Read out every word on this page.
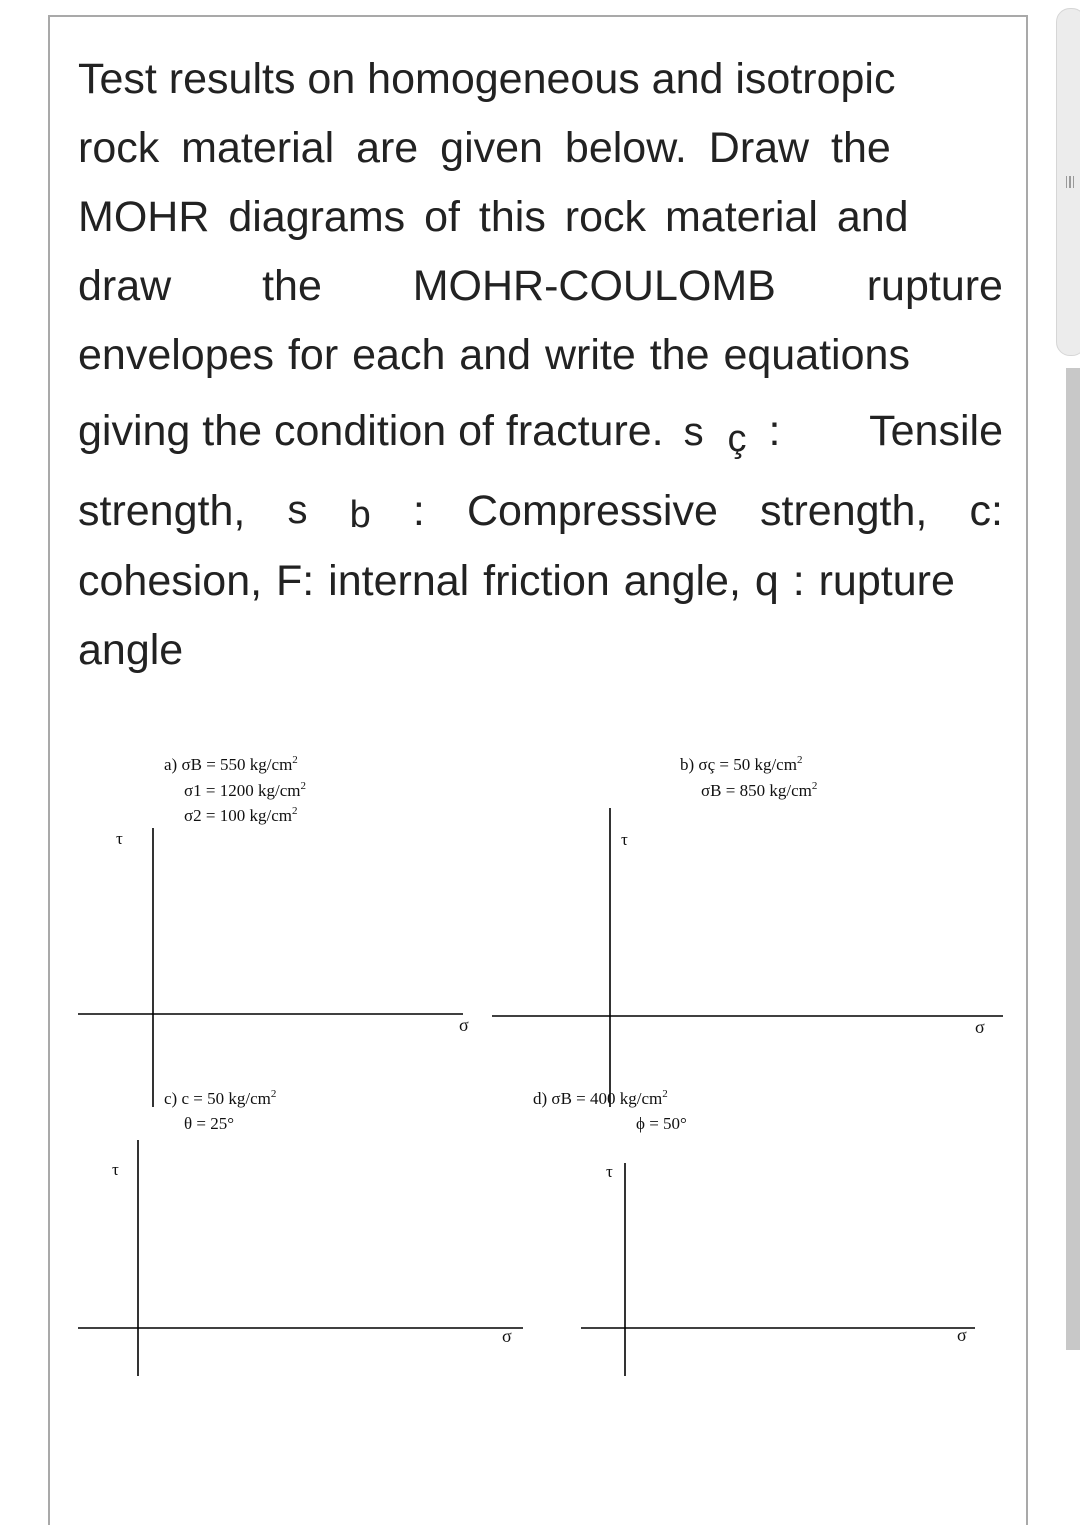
Test results on homogeneous and isotropic
rock material are given below. Draw the
MOHR diagrams of this rock material and
draw the MOHR-COULOMB rupture
envelopes for each and write the equations
giving the condition of fracture. s ç : Tensile
strength, s b : Compressive strength, c:
cohesion, F: internal friction angle, q : rupture
angle
τ
σ
a) σB = 550 $kg/cm^2$
σ1 = 1200 $kg/cm^2$
σ2 = 100 $kg/cm^2$
τ
σ
b) σç = 50 $kg/cm^2$
σB = 850 $kg/cm^2$
τ
σ
c) c = 50 $kg/cm^2$
θ = 25°
τ
σ
d) σB = 400 $kg/cm^2$
ϕ = 50°
